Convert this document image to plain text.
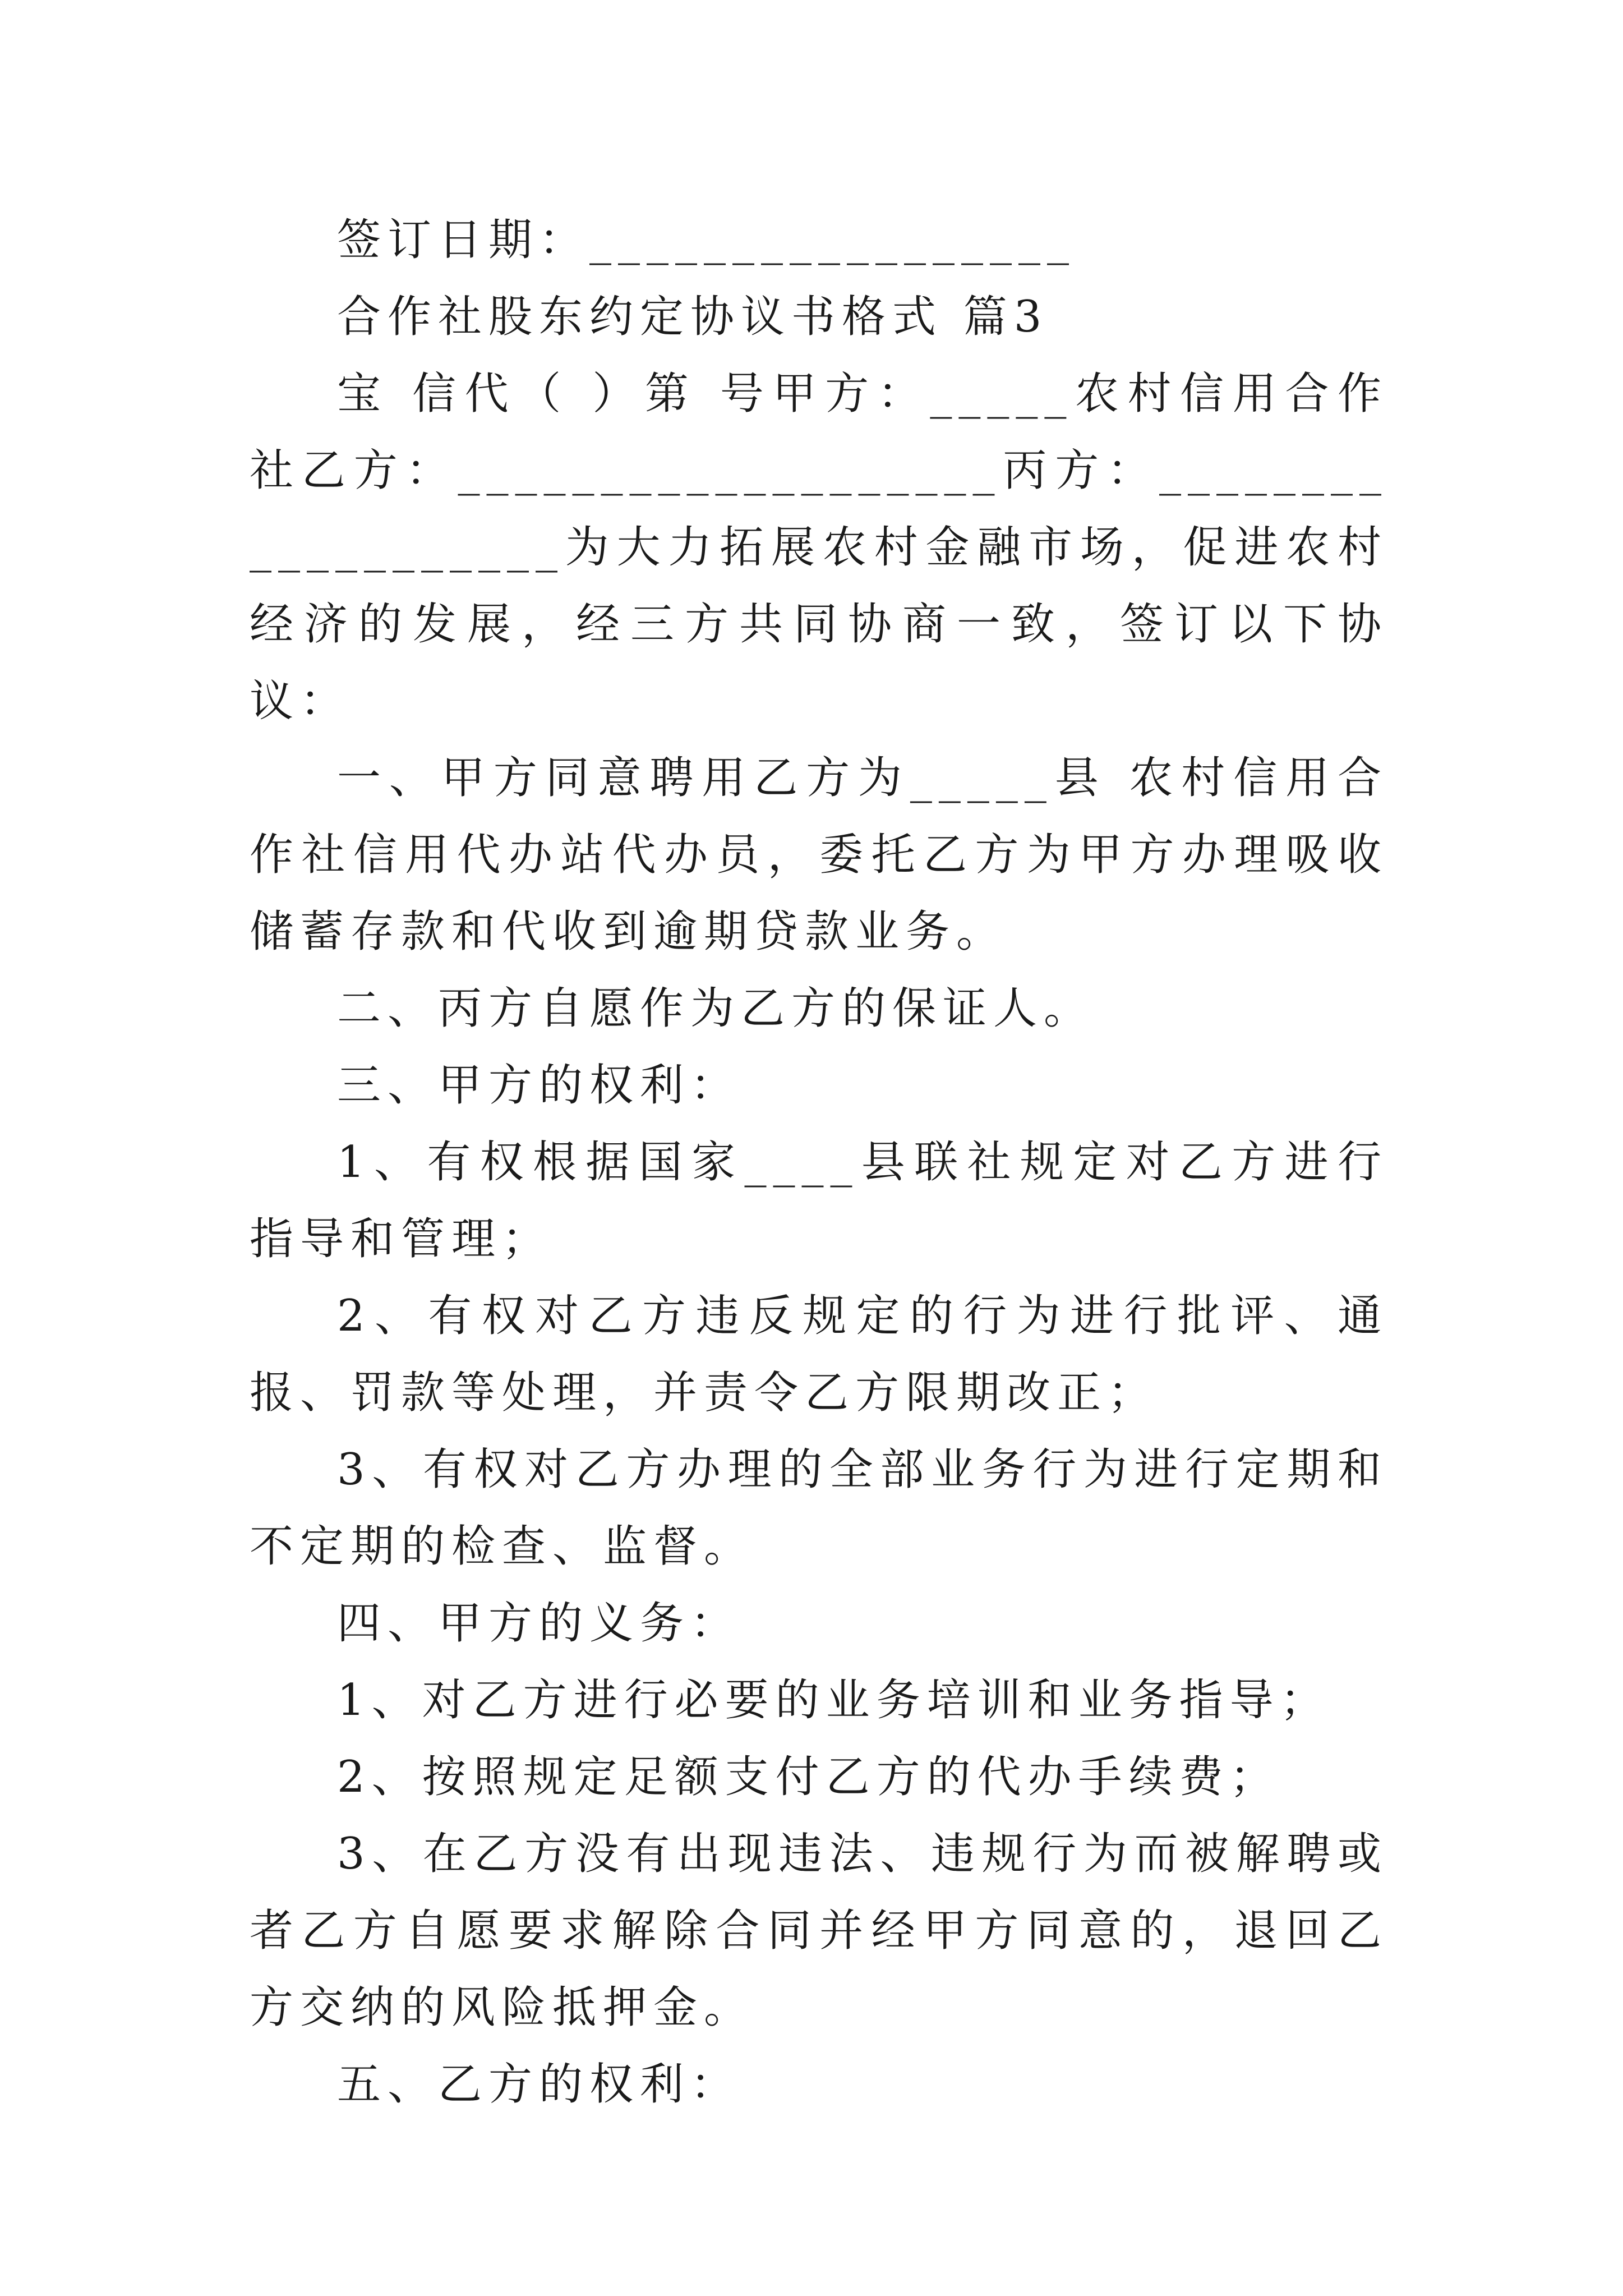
签订日期：_________________

合作社股东约定协议书格式 篇3

宝 信代（ ）第 号甲方：_____农村信用合作社乙方：___________________丙方：___________________为大力拓展农村金融市场，促进农村经济的发展，经三方共同协商一致，签订以下协议：

一、甲方同意聘用乙方为_____县 农村信用合作社信用代办站代办员，委托乙方为甲方办理吸收储蓄存款和代收到逾期贷款业务。

二、丙方自愿作为乙方的保证人。

三、甲方的权利：

1、有权根据国家____县联社规定对乙方进行指导和管理；

2、有权对乙方违反规定的行为进行批评、通报、罚款等处理，并责令乙方限期改正；

3、有权对乙方办理的全部业务行为进行定期和不定期的检查、监督。

四、甲方的义务：

1、对乙方进行必要的业务培训和业务指导；

2、按照规定足额支付乙方的代办手续费；

3、在乙方没有出现违法、违规行为而被解聘或者乙方自愿要求解除合同并经甲方同意的，退回乙方交纳的风险抵押金。

五、乙方的权利：
